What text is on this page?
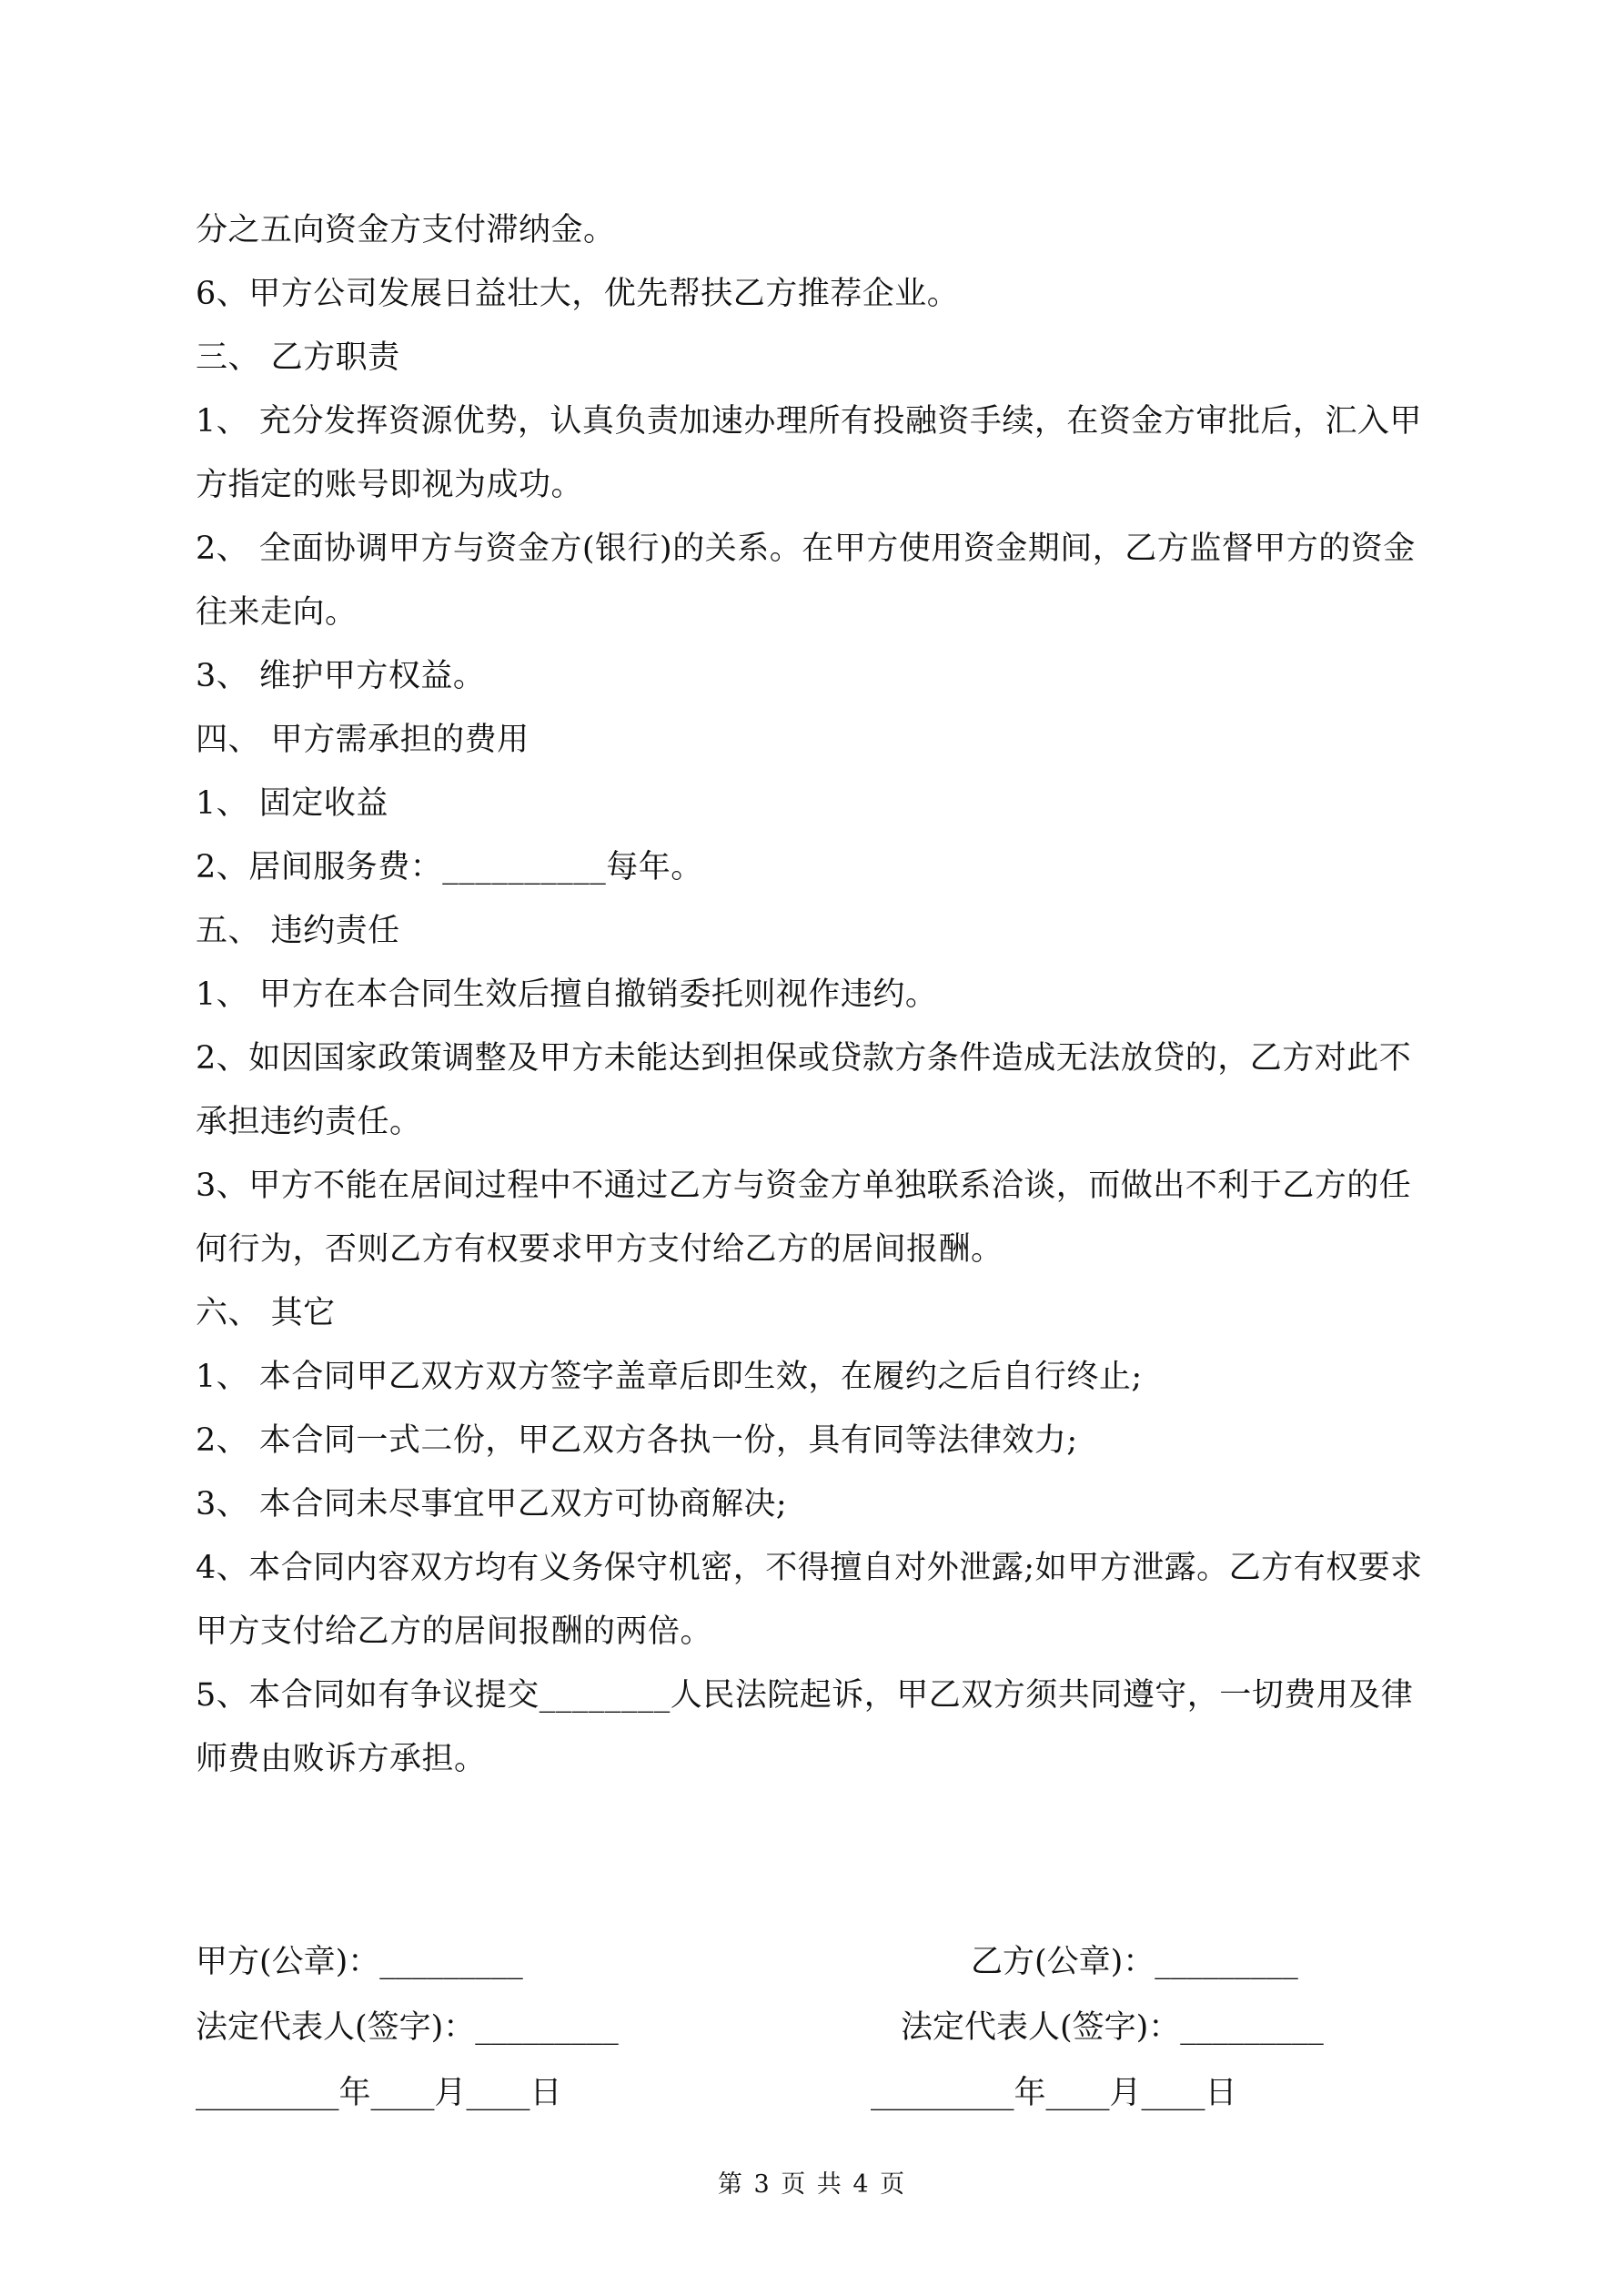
分之五向资金方支付滞纳金。
6、甲方公司发展日益壮大，优先帮扶乙方推荐企业。
三、 乙方职责
1、 充分发挥资源优势，认真负责加速办理所有投融资手续，在资金方审批后，汇入甲
方指定的账号即视为成功。
2、 全面协调甲方与资金方(银行)的关系。在甲方使用资金期间，乙方监督甲方的资金
往来走向。
3、 维护甲方权益。
四、 甲方需承担的费用
1、 固定收益
2、居间服务费：__________每年。
五、 违约责任
1、 甲方在本合同生效后擅自撤销委托则视作违约。
2、如因国家政策调整及甲方未能达到担保或贷款方条件造成无法放贷的，乙方对此不
承担违约责任。
3、甲方不能在居间过程中不通过乙方与资金方单独联系洽谈，而做出不利于乙方的任
何行为，否则乙方有权要求甲方支付给乙方的居间报酬。
六、 其它
1、 本合同甲乙双方双方签字盖章后即生效，在履约之后自行终止;
2、 本合同一式二份，甲乙双方各执一份，具有同等法律效力;
3、 本合同未尽事宜甲乙双方可协商解决;
4、本合同内容双方均有义务保守机密，不得擅自对外泄露;如甲方泄露。乙方有权要求
甲方支付给乙方的居间报酬的两倍。
5、本合同如有争议提交________人民法院起诉，甲乙双方须共同遵守，一切费用及律
师费由败诉方承担。
甲方(公章)：_________	乙方(公章)：_________
法定代表人(签字)：_________	法定代表人(签字)：_________
_________年____月____日	_________年____月____日
第 3 页 共 4 页
